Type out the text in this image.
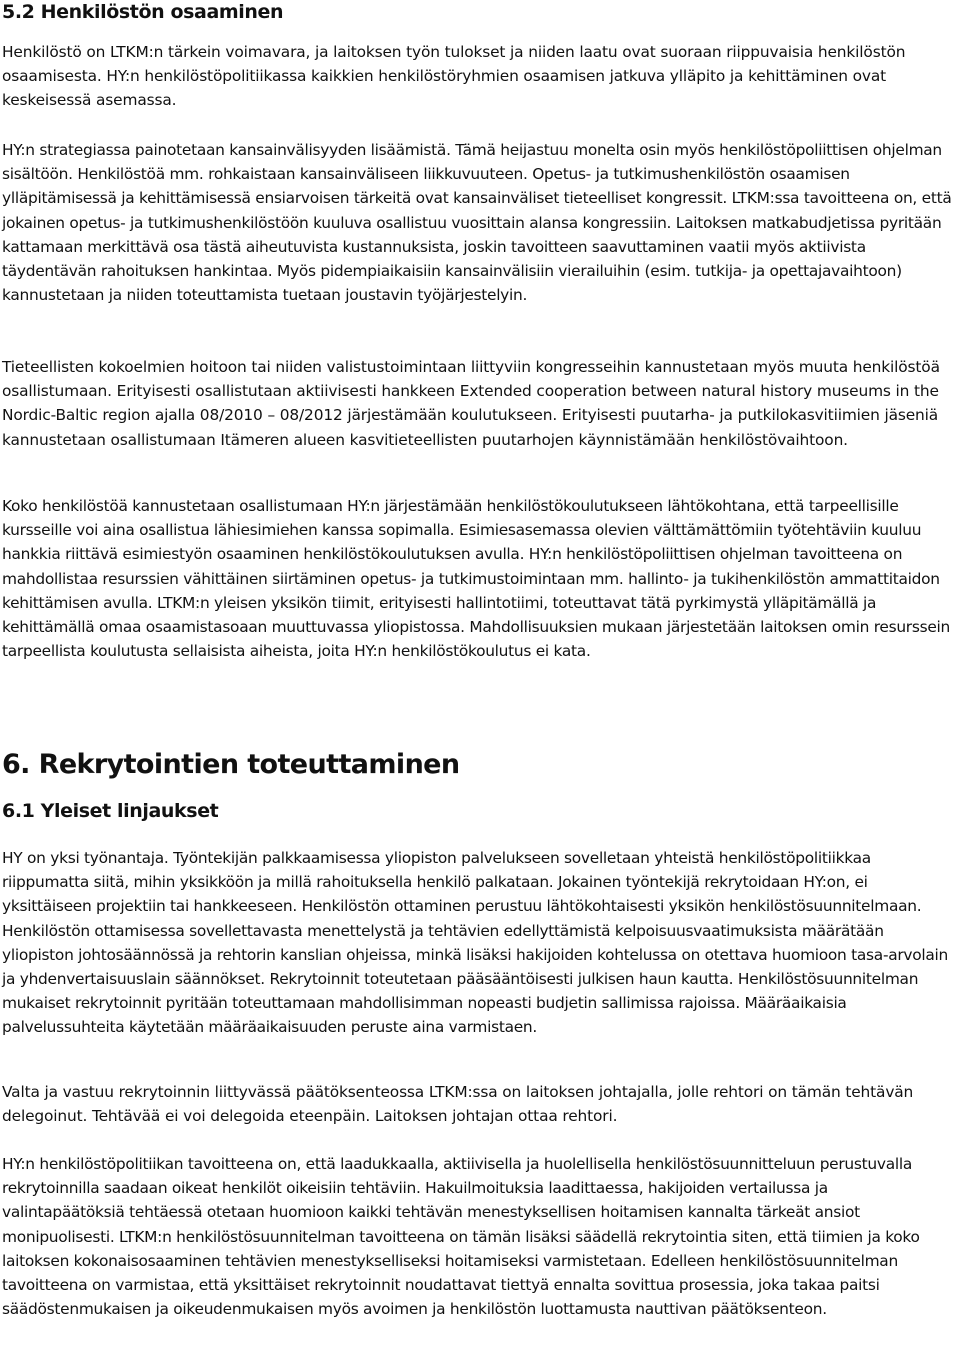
5.2 Henkilöstön osaaminen

Henkilöstö on LTKM:n tärkein voimavara, ja laitoksen työn tulokset ja niiden laatu ovat suoraan riippuvaisia henkilöstön osaamisesta. HY:n henkilöstöpolitiikassa kaikkien henkilöstöryhmien osaamisen jatkuva ylläpito ja kehittäminen ovat keskeisessä asemassa.

HY:n strategiassa painotetaan kansainvälisyyden lisäämistä. Tämä heijastuu monelta osin myös henkilöstöpoliittisen ohjelman sisältöön. Henkilöstöä mm. rohkaistaan kansainväliseen liikkuvuuteen. Opetus- ja tutkimushenkilöstön osaamisen ylläpitämisessä ja kehittämisessä ensiarvoisen tärkeitä ovat kansainväliset tieteelliset kongressit. LTKM:ssa tavoitteena on, että jokainen opetus- ja tutkimushenkilöstöön kuuluva osallistuu vuosittain alansa kongressiin. Laitoksen matkabudjetissa pyritään kattamaan merkittävä osa tästä aiheutuvista kustannuksista, joskin tavoitteen saavuttaminen vaatii myös aktiivista täydentävän rahoituksen hankintaa. Myös pidempiaikaisiin kansainvälisiin vierailuihin (esim. tutkija- ja opettajavaihtoon) kannustetaan ja niiden toteuttamista tuetaan joustavin työjärjestelyin.

Tieteellisten kokoelmien hoitoon tai niiden valistustoimintaan liittyviin kongresseihin kannustetaan myös muuta henkilöstöä osallistumaan. Erityisesti osallistutaan aktiivisesti hankkeen Extended cooperation between natural history museums in the Nordic-Baltic region ajalla 08/2010 – 08/2012 järjestämään koulutukseen. Erityisesti puutarha- ja putkilokasvitiimien jäseniä kannustetaan osallistumaan Itämeren alueen kasvitieteellisten puutarhojen käynnistämään henkilöstövaihtoon.

Koko henkilöstöä kannustetaan osallistumaan HY:n järjestämään henkilöstökoulutukseen lähtökohtana, että tarpeellisille kursseille voi aina osallistua lähiesimiehen kanssa sopimalla. Esimiesasemassa olevien välttämättömiin työtehtäviin kuuluu hankkia riittävä esimiestyön osaaminen henkilöstökoulutuksen avulla. HY:n henkilöstöpoliittisen ohjelman tavoitteena on mahdollistaa resurssien vähittäinen siirtäminen opetus- ja tutkimustoimintaan mm. hallinto- ja tukihenkilöstön ammattitaidon kehittämisen avulla. LTKM:n yleisen yksikön tiimit, erityisesti hallintotiimi, toteuttavat tätä pyrkimystä ylläpitämällä ja kehittämällä omaa osaamistasoaan muuttuvassa yliopistossa. Mahdollisuuksien mukaan järjestetään laitoksen omin resurssein tarpeellista koulutusta sellaisista aiheista, joita HY:n henkilöstökoulutus ei kata.

6. Rekrytointien toteuttaminen
6.1 Yleiset linjaukset

HY on yksi työnantaja. Työntekijän palkkaamisessa yliopiston palvelukseen sovelletaan yhteistä henkilöstöpolitiikkaa riippumatta siitä, mihin yksikköön ja millä rahoituksella henkilö palkataan. Jokainen työntekijä rekrytoidaan HY:on, ei yksittäiseen projektiin tai hankkeeseen. Henkilöstön ottaminen perustuu lähtökohtaisesti yksikön henkilöstösuunnitelmaan. Henkilöstön ottamisessa sovellettavasta menettelystä ja tehtävien edellyttämistä kelpoisuusvaatimuksista määrätään yliopiston johtosäännössä ja rehtorin kanslian ohjeissa, minkä lisäksi hakijoiden kohtelussa on otettava huomioon tasa-arvolain ja yhdenvertaisuuslain säännökset. Rekrytoinnit toteutetaan pääsääntöisesti julkisen haun kautta. Henkilöstösuunnitelman mukaiset rekrytoinnit pyritään toteuttamaan mahdollisimman nopeasti budjetin sallimissa rajoissa. Määräaikaisia palvelussuhteita käytetään määräaikaisuuden peruste aina varmistaen.

Valta ja vastuu rekrytoinnin liittyvässä päätöksenteossa LTKM:ssa on laitoksen johtajalla, jolle rehtori on tämän tehtävän delegoinut. Tehtävää ei voi delegoida eteenpäin. Laitoksen johtajan ottaa rehtori.

HY:n henkilöstöpolitiikan tavoitteena on, että laadukkaalla, aktiivisella ja huolellisella henkilöstösuunnitteluun perustuvalla rekrytoinnilla saadaan oikeat henkilöt oikeisiin tehtäviin. Hakuilmoituksia laadittaessa, hakijoiden vertailussa ja valintapäätöksiä tehtäessä otetaan huomioon kaikki tehtävän menestyksellisen hoitamisen kannalta tärkeät ansiot monipuolisesti. LTKM:n henkilöstösuunnitelman tavoitteena on tämän lisäksi säädellä rekrytointia siten, että tiimien ja koko laitoksen kokonaisosaaminen tehtävien menestykselliseksi hoitamiseksi varmistetaan. Edelleen henkilöstösuunnitelman tavoitteena on varmistaa, että yksittäiset rekrytoinnit noudattavat tiettyä ennalta sovittua prosessia, joka takaa paitsi säädöstenmukaisen ja oikeudenmukaisen myös avoimen ja henkilöstön luottamusta nauttivan päätöksenteon.
